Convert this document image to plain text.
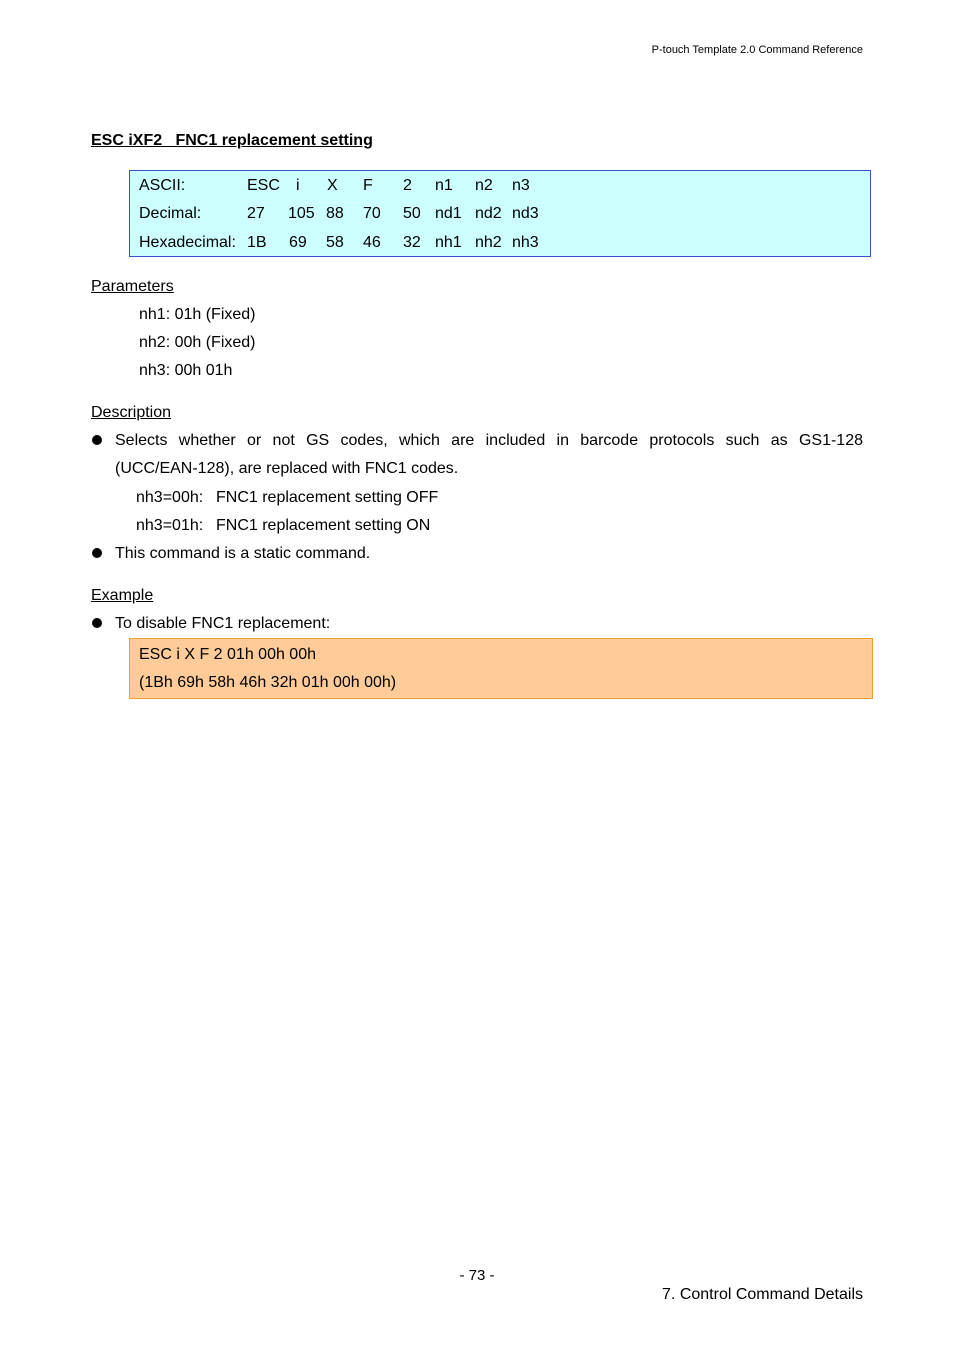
P-touch Template 2.0 Command Reference
ESC iXF2   FNC1 replacement setting
ASCII:	ESC i X F 2 n1 n2 n3
Decimal:	27 105 88 70 50 nd1 nd2 nd3
Hexadecimal: 1B 69 58 46 32 nh1 nh2 nh3
Parameters
nh1: 01h (Fixed)
nh2: 00h (Fixed)
nh3: 00h 01h
Description
Selects whether or not GS codes, which are included in barcode protocols such as GS1-128
(UCC/EAN-128), are replaced with FNC1 codes.
nh3=00h: FNC1 replacement setting OFF
nh3=01h: FNC1 replacement setting ON
This command is a static command.
Example
To disable FNC1 replacement:
ESC i X F 2 01h 00h 00h
(1Bh 69h 58h 46h 32h 01h 00h 00h)
- 73 -
7. Control Command Details
